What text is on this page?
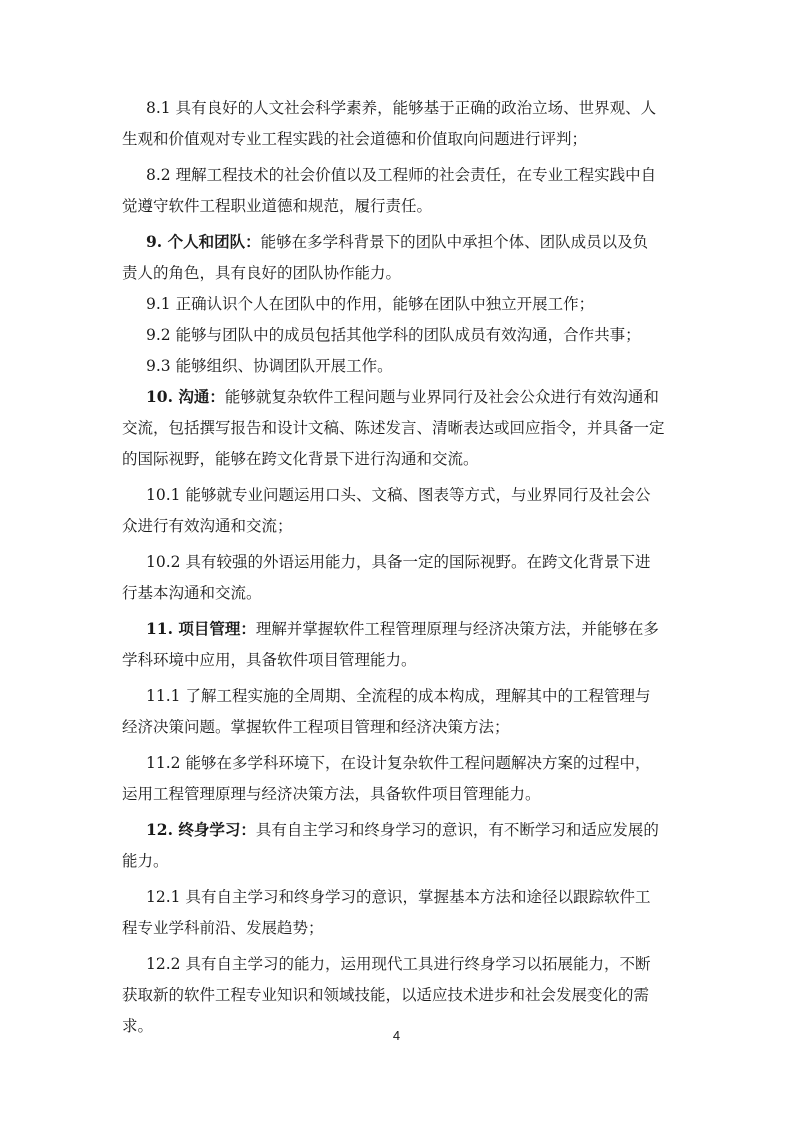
8.1 具有良好的人文社会科学素养，能够基于正确的政治立场、世界观、人
生观和价值观对专业工程实践的社会道德和价值取向问题进行评判；
8.2 理解工程技术的社会价值以及工程师的社会责任，在专业工程实践中自
觉遵守软件工程职业道德和规范，履行责任。
9. 个人和团队：能够在多学科背景下的团队中承担个体、团队成员以及负
责人的角色，具有良好的团队协作能力。
9.1 正确认识个人在团队中的作用，能够在团队中独立开展工作；
9.2 能够与团队中的成员包括其他学科的团队成员有效沟通，合作共事；
9.3 能够组织、协调团队开展工作。
10. 沟通：能够就复杂软件工程问题与业界同行及社会公众进行有效沟通和
交流，包括撰写报告和设计文稿、陈述发言、清晰表达或回应指令，并具备一定
的国际视野，能够在跨文化背景下进行沟通和交流。
10.1 能够就专业问题运用口头、文稿、图表等方式，与业界同行及社会公
众进行有效沟通和交流；
10.2 具有较强的外语运用能力，具备一定的国际视野。在跨文化背景下进
行基本沟通和交流。
11. 项目管理：理解并掌握软件工程管理原理与经济决策方法，并能够在多
学科环境中应用，具备软件项目管理能力。
11.1 了解工程实施的全周期、全流程的成本构成，理解其中的工程管理与
经济决策问题。掌握软件工程项目管理和经济决策方法；
11.2 能够在多学科环境下，在设计复杂软件工程问题解决方案的过程中，
运用工程管理原理与经济决策方法，具备软件项目管理能力。
12. 终身学习：具有自主学习和终身学习的意识，有不断学习和适应发展的
能力。
12.1 具有自主学习和终身学习的意识，掌握基本方法和途径以跟踪软件工
程专业学科前沿、发展趋势；
12.2 具有自主学习的能力，运用现代工具进行终身学习以拓展能力，不断
获取新的软件工程专业知识和领域技能，以适应技术进步和社会发展变化的需
求。
4
